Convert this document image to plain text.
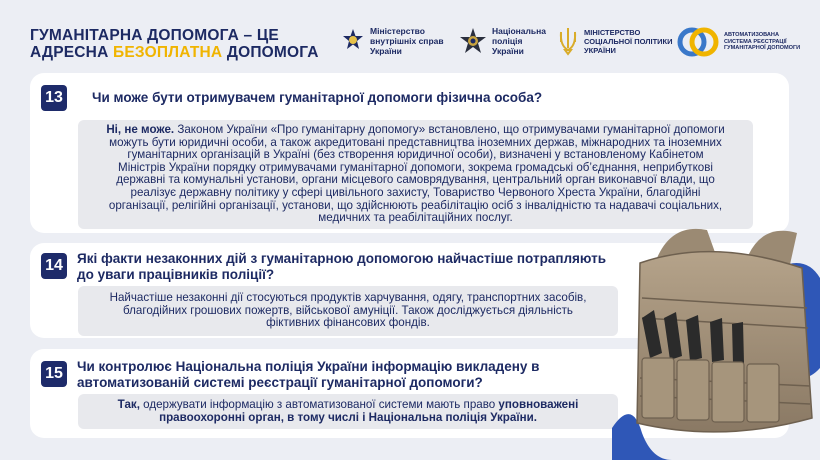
ГУМАНІТАРНА ДОПОМОГА – ЦЕ
АДРЕСНА БЕЗОПЛАТНА ДОПОМОГА
Міністерство
внутрішніх справ
України
Національна
поліція
України
МІНІСТЕРСТВО
СОЦІАЛЬНОЇ ПОЛІТИКИ
УКРАЇНИ
АВТОМАТИЗОВАНА
СИСТЕМА РЕЄСТРАЦІЇ
ГУМАНІТАРНОЇ ДОПОМОГИ
13	Чи може бути отримувачем гуманітарної допомоги фізична особа?
Ні, не може. Законом України «Про гуманітарну допомогу» встановлено, що отримувачами гуманітарної допомоги
можуть бути юридичні особи, а також акредитовані представництва іноземних держав, міжнародних та іноземних
гуманітарних організацій в Україні (без створення юридичної особи), визначені у встановленому Кабінетом
Міністрів України порядку отримувачами гуманітарної допомоги, зокрема громадські об’єднання, неприбуткові
державні та комунальні установи, органи місцевого самоврядування, центральний орган виконавчої влади, що
реалізує державну політику у сфері цивільного захисту, Товариство Червоного Хреста України, благодійні
організації, релігійні організації, установи, що здійснюють реабілітацію осіб з інвалідністю та надавачі соціальних,
медичних та реабілітаційних послуг.
14	Які факти незаконних дій з гуманітарною допомогою найчастіше потрапляють
до уваги працівників поліції?
Найчастіше незаконні дії стосуються продуктів харчування, одягу, транспортних засобів,
благодійних грошових пожертв, військової амуніції. Також досліджується діяльність
фіктивних фінансових фондів.
15	Чи контролює Національна поліція України інформацію викладену в
автоматизованій системі реєстрації гуманітарної допомоги?
Так, одержувати інформацію з автоматизованої системи мають право уповноважені
правоохоронні орган, в тому числі і Національна поліція України.
